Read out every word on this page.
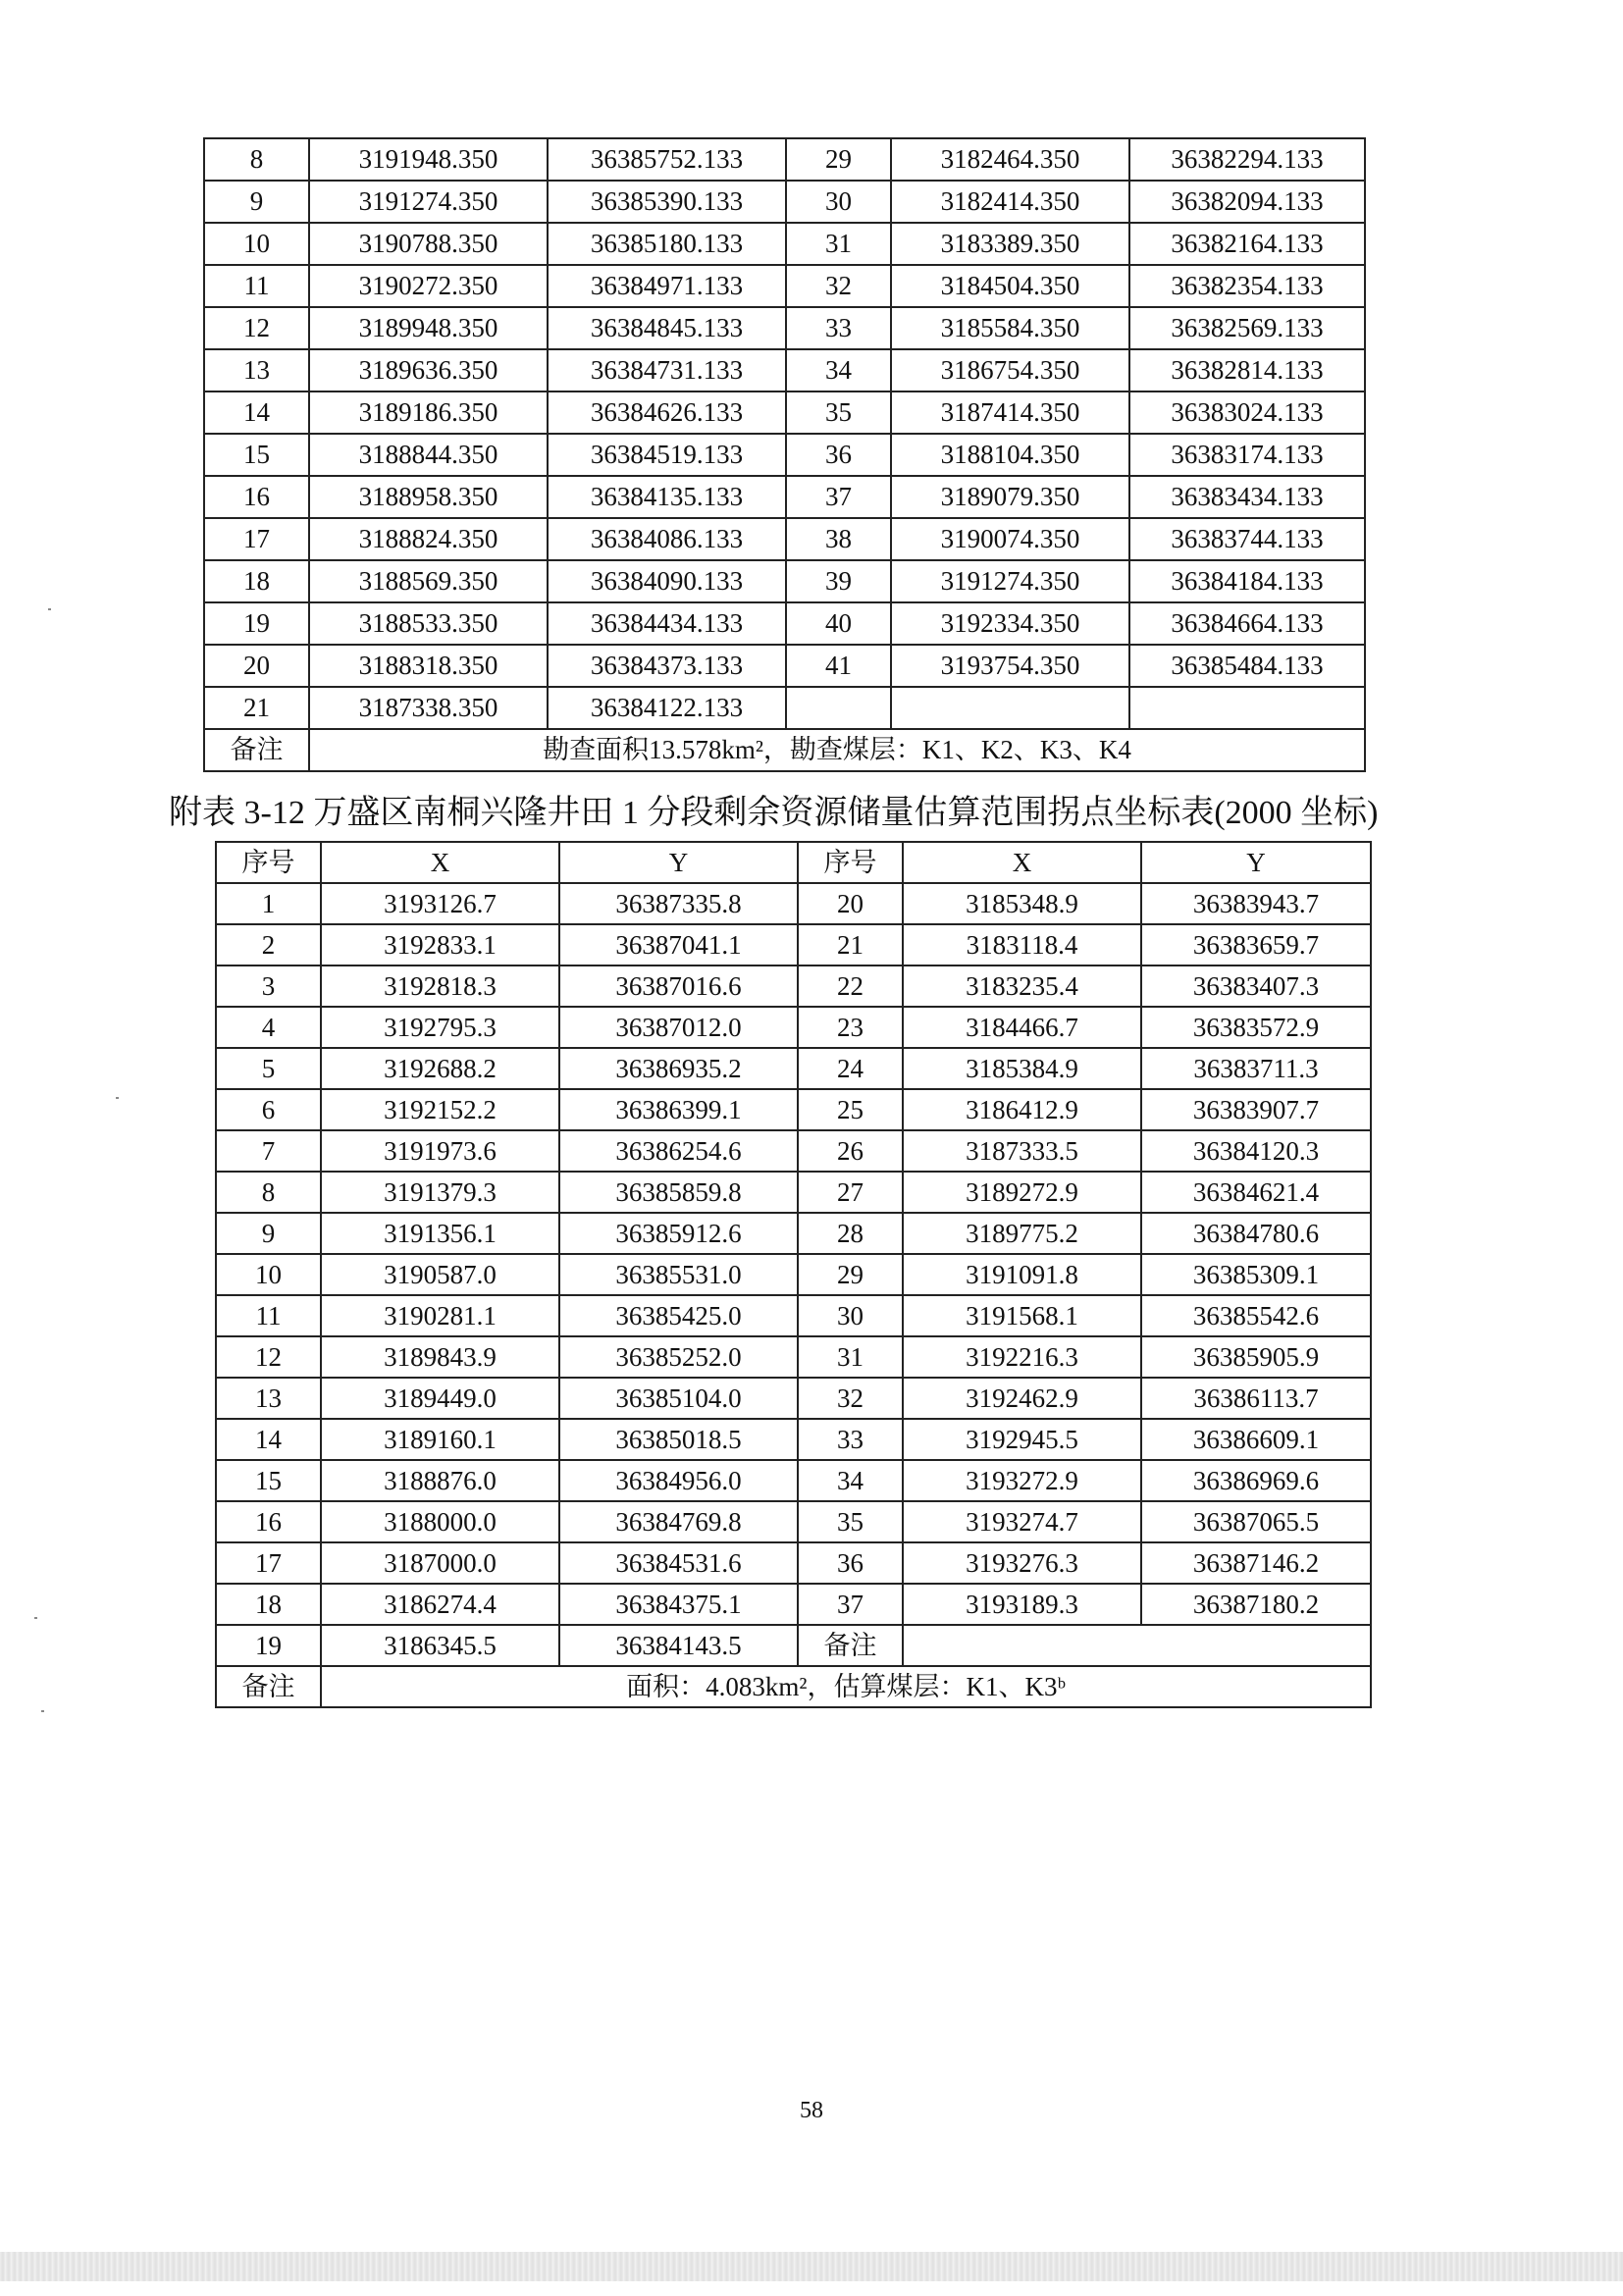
8	3191948.350	36385752.133	29	3182464.350	36382294.133
9	3191274.350	36385390.133	30	3182414.350	36382094.133
10	3190788.350	36385180.133	31	3183389.350	36382164.133
11	3190272.350	36384971.133	32	3184504.350	36382354.133
12	3189948.350	36384845.133	33	3185584.350	36382569.133
13	3189636.350	36384731.133	34	3186754.350	36382814.133
14	3189186.350	36384626.133	35	3187414.350	36383024.133
15	3188844.350	36384519.133	36	3188104.350	36383174.133
16	3188958.350	36384135.133	37	3189079.350	36383434.133
17	3188824.350	36384086.133	38	3190074.350	36383744.133
18	3188569.350	36384090.133	39	3191274.350	36384184.133
19	3188533.350	36384434.133	40	3192334.350	36384664.133
20	3188318.350	36384373.133	41	3193754.350	36385484.133
21	3187338.350	36384122.133			
备注	勘查面积13.578km²，勘查煤层：K1、K2、K3、K4				
附表 3-12 万盛区南桐兴隆井田 1 分段剩余资源储量估算范围拐点坐标表(2000 坐标)
序号	X	Y	序号	X	Y
1	3193126.7	36387335.8	20	3185348.9	36383943.7
2	3192833.1	36387041.1	21	3183118.4	36383659.7
3	3192818.3	36387016.6	22	3183235.4	36383407.3
4	3192795.3	36387012.0	23	3184466.7	36383572.9
5	3192688.2	36386935.2	24	3185384.9	36383711.3
6	3192152.2	36386399.1	25	3186412.9	36383907.7
7	3191973.6	36386254.6	26	3187333.5	36384120.3
8	3191379.3	36385859.8	27	3189272.9	36384621.4
9	3191356.1	36385912.6	28	3189775.2	36384780.6
10	3190587.0	36385531.0	29	3191091.8	36385309.1
11	3190281.1	36385425.0	30	3191568.1	36385542.6
12	3189843.9	36385252.0	31	3192216.3	36385905.9
13	3189449.0	36385104.0	32	3192462.9	36386113.7
14	3189160.1	36385018.5	33	3192945.5	36386609.1
15	3188876.0	36384956.0	34	3193272.9	36386969.6
16	3188000.0	36384769.8	35	3193274.7	36387065.5
17	3187000.0	36384531.6	36	3193276.3	36387146.2
18	3186274.4	36384375.1	37	3193189.3	36387180.2
19	3186345.5	36384143.5	备注		
备注	面积：4.083km²，估算煤层：K1、K3ᵇ				
58
